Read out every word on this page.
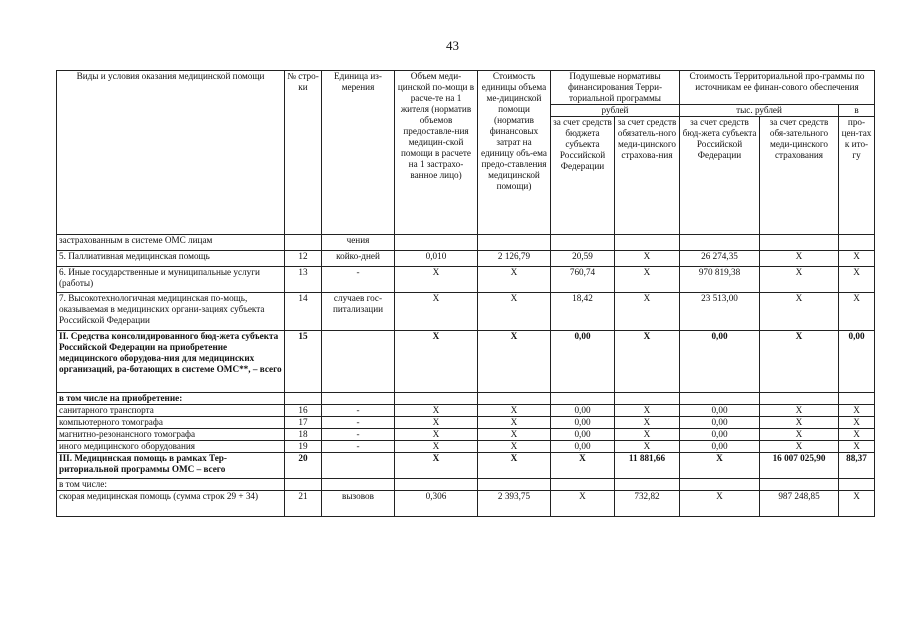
43
Виды и условия оказания медицинской помощи	№ стро-ки	Единица из-мерения	Объем меди-цинской по-мощи в расче-те на 1 жителя (норматив объемов предоставле-ния медицин-ской помощи в расчете на 1 застрахо-ванное лицо)	Стоимость единицы объема ме-дицинской помощи (норматив финансовых затрат на единицу объ-ема предо-ставления медицинской помощи)	Подушевые нормативы финансирования Терри-ториальной программы		Стоимость Территориальной про-граммы по источникам ее финан-сового обеспечения		
					рублей		тыс. рублей		в
					за счет средств бюджета субъекта Российской Федерации	за счет средств обязатель-ного меди-цинского страхова-ния	за счет средств бюд-жета субъекта Российской Федерации	за счет средств обя-зательного меди-цинского страхования	про-цен-тах к ито-гу
застрахованным в системе ОМС лицам		чения							
5. Паллиативная медицинская помощь	12	койко-дней	0,010	2 126,79	20,59	Х	26 274,35	Х	Х
6. Иные государственные и муниципальные услуги (работы)	13	-	Х	Х	760,74	Х	970 819,38	Х	Х
7. Высокотехнологичная медицинская по-мощь, оказываемая в медицинских органи-зациях субъекта Российской Федерации	14	случаев гос-питализации	Х	Х	18,42	Х	23 513,00	Х	Х
II. Средства консолидированного бюд-жета субъекта Российской Федерации на приобретение медицинского оборудова-ния для медицинских организаций, ра-ботающих в системе ОМС**, – всего	15		Х	Х	0,00	Х	0,00	Х	0,00
в том числе на приобретение:									
санитарного транспорта	16	-	Х	Х	0,00	Х	0,00	Х	Х
компьютерного томографа	17	-	Х	Х	0,00	Х	0,00	Х	Х
магнитно-резонансного томографа	18	-	Х	Х	0,00	Х	0,00	Х	Х
иного медицинского оборудования	19	-	Х	Х	0,00	Х	0,00	Х	Х
III. Медицинская помощь в рамках Тер-риториальной программы ОМС – всего	20		Х	Х	Х	11 881,66	Х	16 007 025,90	88,37
в том числе:									
скорая медицинская помощь (сумма строк 29 + 34)	21	вызовов	0,306	2 393,75	Х	732,82	Х	987 248,85	Х
